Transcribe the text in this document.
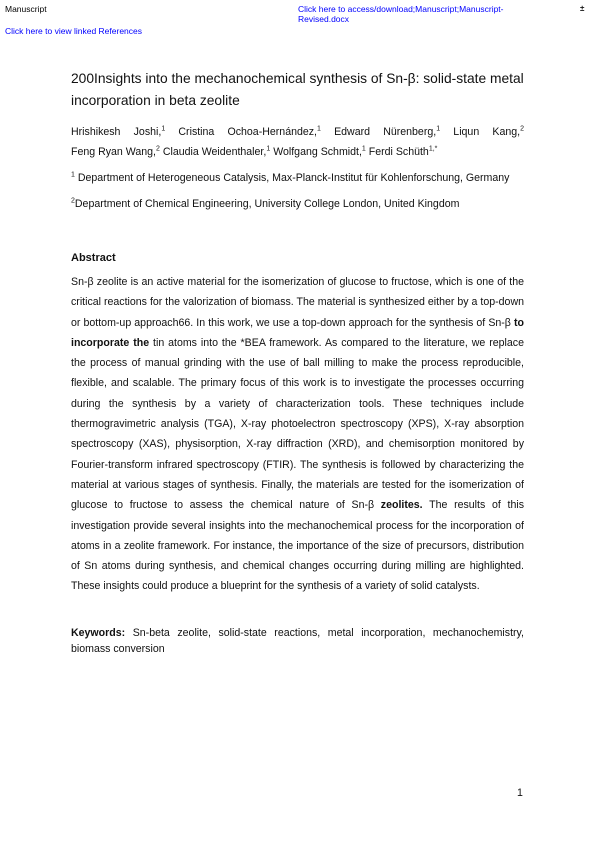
Manuscript
Click here to view linked References
Click here to access/download;Manuscript;Manuscript-Revised.docx
±
200Insights into the mechanochemical synthesis of Sn-β: solid-state metal incorporation in beta zeolite
Hrishikesh Joshi,$^1$ Cristina Ochoa-Hernández,$^1$ Edward Nürenberg,$^1$ Liqun Kang,$^2$ Feng Ryan Wang,$^2$ Claudia Weidenthaler,$^1$ Wolfgang Schmidt,$^1$ Ferdi Schüth$^{1,*}$
$^1$ Department of Heterogeneous Catalysis, Max-Planck-Institut für Kohlenforschung, Germany
$^2$Department of Chemical Engineering, University College London, United Kingdom
Abstract

Sn-β zeolite is an active material for the isomerization of glucose to fructose, which is one of the critical reactions for the valorization of biomass. The material is synthesized either by a top-down or bottom-up approach66. In this work, we use a top-down approach for the synthesis of Sn-β to incorporate the tin atoms into the *BEA framework. As compared to the literature, we replace the process of manual grinding with the use of ball milling to make the process reproducible, flexible, and scalable. The primary focus of this work is to investigate the processes occurring during the synthesis by a variety of characterization tools. These techniques include thermogravimetric analysis (TGA), X-ray photoelectron spectroscopy (XPS), X-ray absorption spectroscopy (XAS), physisorption, X-ray diffraction (XRD), and chemisorption monitored by Fourier-transform infrared spectroscopy (FTIR). The synthesis is followed by characterizing the material at various stages of synthesis. Finally, the materials are tested for the isomerization of glucose to fructose to assess the chemical nature of Sn-β zeolites. The results of this investigation provide several insights into the mechanochemical process for the incorporation of atoms in a zeolite framework. For instance, the importance of the size of precursors, distribution of Sn atoms during synthesis, and chemical changes occurring during milling are highlighted. These insights could produce a blueprint for the synthesis of a variety of solid catalysts.

Keywords: Sn-beta zeolite, solid-state reactions, metal incorporation, mechanochemistry, biomass conversion

1
